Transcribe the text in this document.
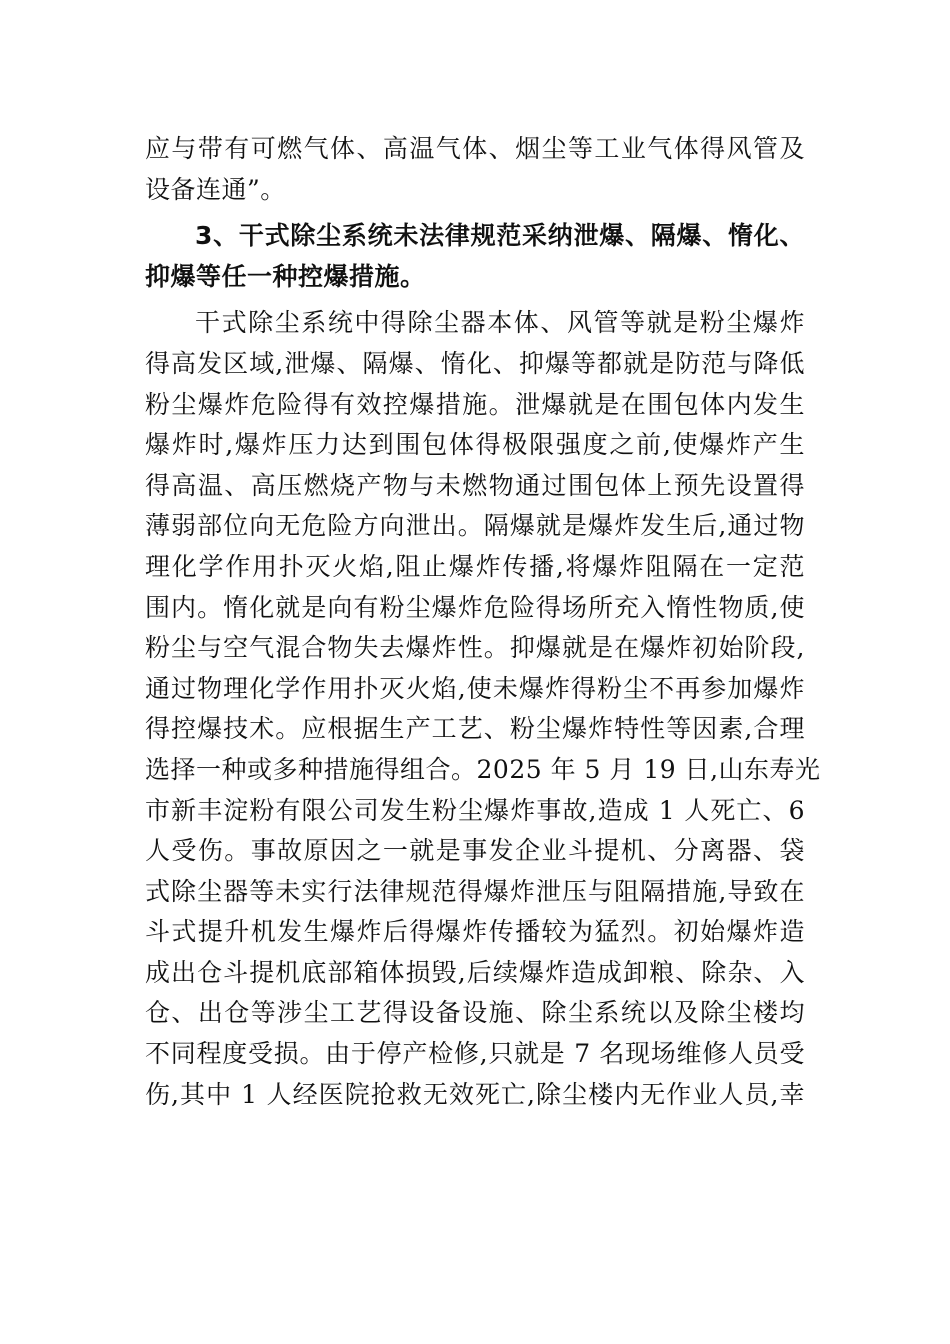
应与带有可燃气体、高温气体、烟尘等工业气体得风管及
设备连通”。
3、干式除尘系统未法律规范采纳泄爆、隔爆、惰化、
抑爆等任一种控爆措施。
干式除尘系统中得除尘器本体、风管等就是粉尘爆炸
得高发区域,泄爆、隔爆、惰化、抑爆等都就是防范与降低
粉尘爆炸危险得有效控爆措施。泄爆就是在围包体内发生
爆炸时,爆炸压力达到围包体得极限强度之前,使爆炸产生
得高温、高压燃烧产物与未燃物通过围包体上预先设置得
薄弱部位向无危险方向泄出。隔爆就是爆炸发生后,通过物
理化学作用扑灭火焰,阻止爆炸传播,将爆炸阻隔在一定范
围内。惰化就是向有粉尘爆炸危险得场所充入惰性物质,使
粉尘与空气混合物失去爆炸性。抑爆就是在爆炸初始阶段,
通过物理化学作用扑灭火焰,使未爆炸得粉尘不再参加爆炸
得控爆技术。应根据生产工艺、粉尘爆炸特性等因素,合理
选择一种或多种措施得组合。2025 年 5 月 19 日,山东寿光
市新丰淀粉有限公司发生粉尘爆炸事故,造成 1 人死亡、6
人受伤。事故原因之一就是事发企业斗提机、分离器、袋
式除尘器等未实行法律规范得爆炸泄压与阻隔措施,导致在
斗式提升机发生爆炸后得爆炸传播较为猛烈。初始爆炸造
成出仓斗提机底部箱体损毁,后续爆炸造成卸粮、除杂、入
仓、出仓等涉尘工艺得设备设施、除尘系统以及除尘楼均
不同程度受损。由于停产检修,只就是 7 名现场维修人员受
伤,其中 1 人经医院抢救无效死亡,除尘楼内无作业人员,幸
